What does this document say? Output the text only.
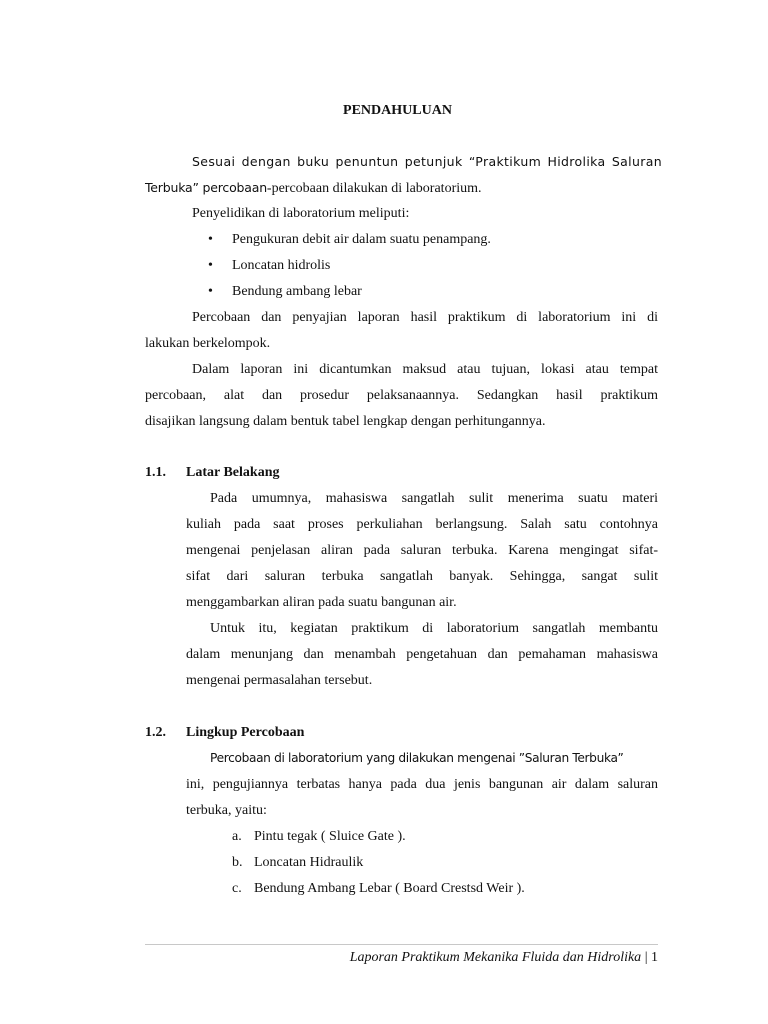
PENDAHULUAN
Sesuai dengan buku penuntun petunjuk “Praktikum Hidrolika Saluran
Terbuka” percobaan-percobaan dilakukan di laboratorium.
Penyelidikan di laboratorium meliputi:
• Pengukuran debit air dalam suatu penampang.
• Loncatan hidrolis
• Bendung ambang lebar
Percobaan dan penyajian laporan hasil praktikum di laboratorium ini di
lakukan berkelompok.
Dalam laporan ini dicantumkan maksud atau tujuan, lokasi atau tempat
percobaan, alat dan prosedur pelaksanaannya. Sedangkan hasil praktikum
disajikan langsung dalam bentuk tabel lengkap dengan perhitungannya.
1.1. Latar Belakang
Pada umumnya, mahasiswa sangatlah sulit menerima suatu materi
kuliah pada saat proses perkuliahan berlangsung. Salah satu contohnya
mengenai penjelasan aliran pada saluran terbuka. Karena mengingat sifat-
sifat dari saluran terbuka sangatlah banyak. Sehingga, sangat sulit
menggambarkan aliran pada suatu bangunan air.
Untuk itu, kegiatan praktikum di laboratorium sangatlah membantu
dalam menunjang dan menambah pengetahuan dan pemahaman mahasiswa
mengenai permasalahan tersebut.
1.2. Lingkup Percobaan
Percobaan di laboratorium yang dilakukan mengenai ”Saluran Terbuka”
ini, pengujiannya terbatas hanya pada dua jenis bangunan air dalam saluran
terbuka, yaitu:
a. Pintu tegak ( Sluice Gate ).
b. Loncatan Hidraulik
c. Bendung Ambang Lebar ( Board Crestsd Weir ).
Laporan Praktikum Mekanika Fluida dan Hidrolika | 1
